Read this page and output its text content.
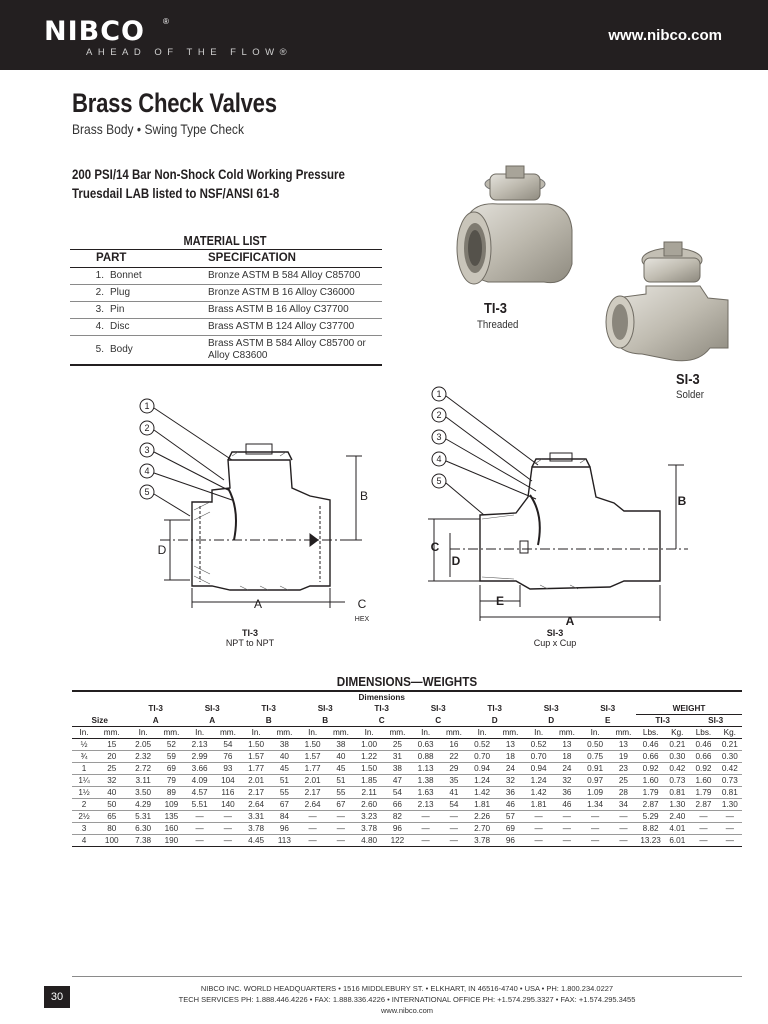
NIBCO ®
AHEAD OF THE FLOW®
www.nibco.com
Brass Check Valves
Brass Body • Swing Type Check
200 PSI/14 Bar Non-Shock Cold Working Pressure
Truesdail LAB listed to NSF/ANSI 61-8
MATERIAL LIST
PART		SPECIFICATION
1.	Bonnet	Bronze ASTM B 584 Alloy C85700
2.	Plug	Bronze ASTM B 16 Alloy C36000
3.	Pin	Brass ASTM B 16 Alloy C37700
4.	Disc	Brass ASTM B 124 Alloy C37700
5.	Body	Brass ASTM B 584 Alloy C85700 or Alloy C83600
TI-3
Threaded
SI-3
Solder
1
2
3
4
5
A
B
C
D
HEX
TI-3
NPT to NPT
1
2
3
4
5
A
B
C
D
E
SI-3
Cup x Cup
DIMENSIONS—WEIGHTS
		Dimensions																					
		TI-3		SI-3		TI-3		SI-3		TI-3		SI-3		TI-3		SI-3		SI-3		WEIGHT			
Size		A		A		B		B		C		C		D		D		E		TI-3		SI-3	
In.	mm.	In.	mm.	In.	mm.	In.	mm.	In.	mm.	In.	mm.	In.	mm.	In.	mm.	In.	mm.	In.	mm.	Lbs.	Kg.	Lbs.	Kg.
½	15	2.05	52	2.13	54	1.50	38	1.50	38	1.00	25	0.63	16	0.52	13	0.52	13	0.50	13	0.46	0.21	0.46	0.21
¾	20	2.32	59	2.99	76	1.57	40	1.57	40	1.22	31	0.88	22	0.70	18	0.70	18	0.75	19	0.66	0.30	0.66	0.30
1	25	2.72	69	3.66	93	1.77	45	1.77	45	1.50	38	1.13	29	0.94	24	0.94	24	0.91	23	0.92	0.42	0.92	0.42
1¼	32	3.11	79	4.09	104	2.01	51	2.01	51	1.85	47	1.38	35	1.24	32	1.24	32	0.97	25	1.60	0.73	1.60	0.73
1½	40	3.50	89	4.57	116	2.17	55	2.17	55	2.11	54	1.63	41	1.42	36	1.42	36	1.09	28	1.79	0.81	1.79	0.81
2	50	4.29	109	5.51	140	2.64	67	2.64	67	2.60	66	2.13	54	1.81	46	1.81	46	1.34	34	2.87	1.30	2.87	1.30
2½	65	5.31	135	—	—	3.31	84	—	—	3.23	82	—	—	2.26	57	—	—	—	—	5.29	2.40	—	—
3	80	6.30	160	—	—	3.78	96	—	—	3.78	96	—	—	2.70	69	—	—	—	—	8.82	4.01	—	—
4	100	7.38	190	—	—	4.45	113	—	—	4.80	122	—	—	3.78	96	—	—	—	—	13.23	6.01	—	—
30
NIBCO INC. WORLD HEADQUARTERS • 1516 MIDDLEBURY ST. • ELKHART, IN 46516-4740 • USA • PH: 1.800.234.0227
TECH SERVICES PH: 1.888.446.4226 • FAX: 1.888.336.4226 • INTERNATIONAL OFFICE PH: +1.574.295.3327 • FAX: +1.574.295.3455
www.nibco.com
